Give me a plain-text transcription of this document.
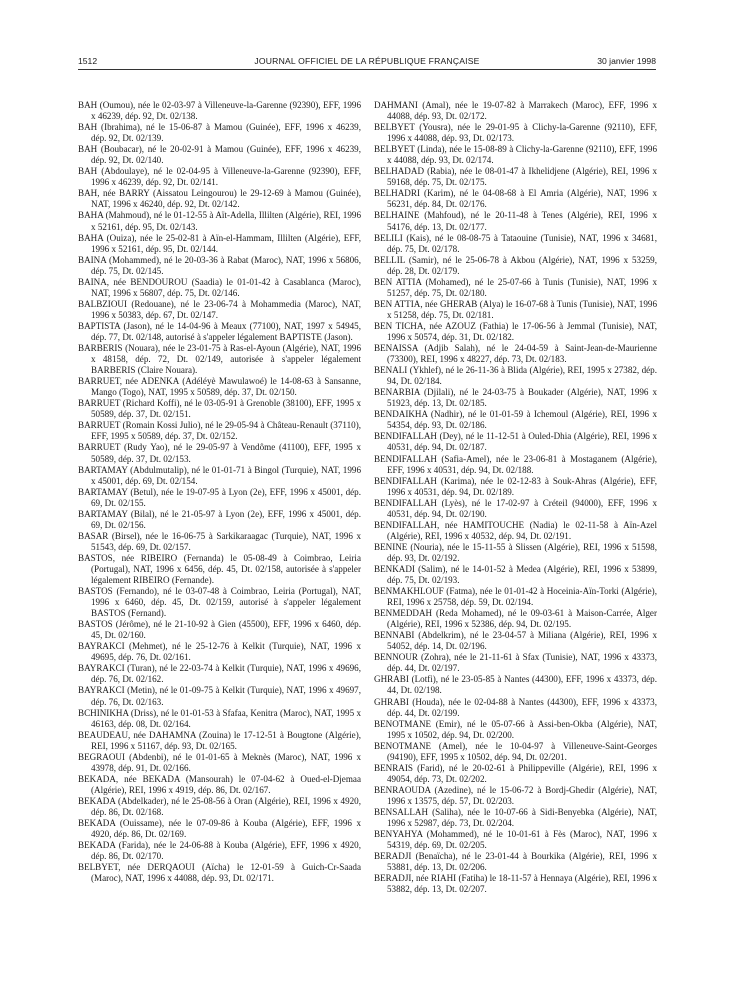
1512	JOURNAL OFFICIEL DE LA RÉPUBLIQUE FRANÇAISE	30 janvier 1998

BAH (Oumou), née le 02-03-97 à Villeneuve-la-Garenne (92390), EFF, 1996 x 46239, dép. 92, Dt. 02/138.

BAH (Ibrahima), né le 15-06-87 à Mamou (Guinée), EFF, 1996 x 46239, dép. 92, Dt. 02/139.

BAH (Boubacar), né le 20-02-91 à Mamou (Guinée), EFF, 1996 x 46239, dép. 92, Dt. 02/140.

BAH (Abdoulaye), né le 02-04-95 à Villeneuve-la-Garenne (92390), EFF, 1996 x 46239, dép. 92, Dt. 02/141.

BAH, née BARRY (Aissatou Leingourou) le 29-12-69 à Mamou (Guinée), NAT, 1996 x 46240, dép. 92, Dt. 02/142.

BAHA (Mahmoud), né le 01-12-55 à Aït-Adella, Illilten (Algérie), REI, 1996 x 52161, dép. 95, Dt. 02/143.

BAHA (Ouiza), née le 25-02-81 à Aïn-el-Hammam, Illilten (Algérie), EFF, 1996 x 52161, dép. 95, Dt. 02/144.

BAINA (Mohammed), né le 20-03-36 à Rabat (Maroc), NAT, 1996 x 56806, dép. 75, Dt. 02/145.

BAINA, née BENDOUROU (Saadia) le 01-01-42 à Casablanca (Maroc), NAT, 1996 x 56807, dép. 75, Dt. 02/146.

BALBZIOUI (Redouane), né le 23-06-74 à Mohammedia (Maroc), NAT, 1996 x 50383, dép. 67, Dt. 02/147.

BAPTISTA (Jason), né le 14-04-96 à Meaux (77100), NAT, 1997 x 54945, dép. 77, Dt. 02/148, autorisé à s'appeler légalement BAPTISTE (Jason).

BARBERIS (Nouara), née le 23-01-75 à Ras-el-Ayoun (Algérie), NAT, 1996 x 48158, dép. 72, Dt. 02/149, autorisée à s'appeler légalement BARBERIS (Claire Nouara).

BARRUET, née ADENKA (Adéléyè Mawulawoé) le 14-08-63 à Sansanne, Mango (Togo), NAT, 1995 x 50589, dép. 37, Dt. 02/150.

BARRUET (Richard Koffi), né le 03-05-91 à Grenoble (38100), EFF, 1995 x 50589, dép. 37, Dt. 02/151.

BARRUET (Romain Kossi Julio), né le 29-05-94 à Château-Renault (37110), EFF, 1995 x 50589, dép. 37, Dt. 02/152.

BARRUET (Rudy Yao), né le 29-05-97 à Vendôme (41100), EFF, 1995 x 50589, dép. 37, Dt. 02/153.

BARTAMAY (Abdulmutalip), né le 01-01-71 à Bingol (Turquie), NAT, 1996 x 45001, dép. 69, Dt. 02/154.

BARTAMAY (Betul), née le 19-07-95 à Lyon (2e), EFF, 1996 x 45001, dép. 69, Dt. 02/155.

BARTAMAY (Bilal), né le 21-05-97 à Lyon (2e), EFF, 1996 x 45001, dép. 69, Dt. 02/156.

BASAR (Birsel), née le 16-06-75 à Sarkikaraagac (Turquie), NAT, 1996 x 51543, dép. 69, Dt. 02/157.

BASTOS, née RIBEIRO (Fernanda) le 05-08-49 à Coimbrao, Leiria (Portugal), NAT, 1996 x 6456, dép. 45, Dt. 02/158, autorisée à s'appeler légalement RIBEIRO (Fernande).

BASTOS (Fernando), né le 03-07-48 à Coimbrao, Leiria (Portugal), NAT, 1996 x 6460, dép. 45, Dt. 02/159, autorisé à s'appeler légalement BASTOS (Fernand).

BASTOS (Jérôme), né le 21-10-92 à Gien (45500), EFF, 1996 x 6460, dép. 45, Dt. 02/160.

BAYRAKCI (Mehmet), né le 25-12-76 à Kelkit (Turquie), NAT, 1996 x 49695, dép. 76, Dt. 02/161.

BAYRAKCI (Turan), né le 22-03-74 à Kelkit (Turquie), NAT, 1996 x 49696, dép. 76, Dt. 02/162.

BAYRAKCI (Metin), né le 01-09-75 à Kelkit (Turquie), NAT, 1996 x 49697, dép. 76, Dt. 02/163.

BCHINIKHA (Driss), né le 01-01-53 à Sfafaa, Kenitra (Maroc), NAT, 1995 x 46163, dép. 08, Dt. 02/164.

BEAUDEAU, née DAHAMNA (Zouina) le 17-12-51 à Bougtone (Algérie), REI, 1996 x 51167, dép. 93, Dt. 02/165.

BEGRAOUI (Abdenbi), né le 01-01-65 à Meknès (Maroc), NAT, 1996 x 43978, dép. 91, Dt. 02/166.

BEKADA, née BEKADA (Mansourah) le 07-04-62 à Oued-el-Djemaa (Algérie), REI, 1996 x 4919, dép. 86, Dt. 02/167.

BEKADA (Abdelkader), né le 25-08-56 à Oran (Algérie), REI, 1996 x 4920, dép. 86, Dt. 02/168.

BEKADA (Ouissame), née le 07-09-86 à Kouba (Algérie), EFF, 1996 x 4920, dép. 86, Dt. 02/169.

BEKADA (Farida), née le 24-06-88 à Kouba (Algérie), EFF, 1996 x 4920, dép. 86, Dt. 02/170.

BELBYET, née DERQAOUI (Aïcha) le 12-01-59 à Guich-Cr-Saada (Maroc), NAT, 1996 x 44088, dép. 93, Dt. 02/171.

DAHMANI (Amal), née le 19-07-82 à Marrakech (Maroc), EFF, 1996 x 44088, dép. 93, Dt. 02/172.

BELBYET (Yousra), née le 29-01-95 à Clichy-la-Garenne (92110), EFF, 1996 x 44088, dép. 93, Dt. 02/173.

BELBYET (Linda), née le 15-08-89 à Clichy-la-Garenne (92110), EFF, 1996 x 44088, dép. 93, Dt. 02/174.

BELHADAD (Rabia), née le 08-01-47 à Ikhelidjene (Algérie), REI, 1996 x 59168, dép. 75, Dt. 02/175.

BELHADRI (Karim), né le 04-08-68 à El Amria (Algérie), NAT, 1996 x 56231, dép. 84, Dt. 02/176.

BELHAINE (Mahfoud), né le 20-11-48 à Tenes (Algérie), REI, 1996 x 54176, dép. 13, Dt. 02/177.

BELILI (Kais), né le 08-08-75 à Tataouine (Tunisie), NAT, 1996 x 34681, dép. 75, Dt. 02/178.

BELLIL (Samir), né le 25-06-78 à Akbou (Algérie), NAT, 1996 x 53259, dép. 28, Dt. 02/179.

BEN ATTIA (Mohamed), né le 25-07-66 à Tunis (Tunisie), NAT, 1996 x 51257, dép. 75, Dt. 02/180.

BEN ATTIA, née GHERAB (Alya) le 16-07-68 à Tunis (Tunisie), NAT, 1996 x 51258, dép. 75, Dt. 02/181.

BEN TICHA, née AZOUZ (Fathia) le 17-06-56 à Jemmal (Tunisie), NAT, 1996 x 50574, dép. 31, Dt. 02/182.

BENAISSA (Adjib Salah), né le 24-04-59 à Saint-Jean-de-Maurienne (73300), REI, 1996 x 48227, dép. 73, Dt. 02/183.

BENALI (Ykhlef), né le 26-11-36 à Blida (Algérie), REI, 1995 x 27382, dép. 94, Dt. 02/184.

BENARBIA (Djilali), né le 24-03-75 à Boukader (Algérie), NAT, 1996 x 51923, dép. 13, Dt. 02/185.

BENDAIKHA (Nadhir), né le 01-01-59 à Ichemoul (Algérie), REI, 1996 x 54354, dép. 93, Dt. 02/186.

BENDIFALLAH (Dey), né le 11-12-51 à Ouled-Dhia (Algérie), REI, 1996 x 40531, dép. 94, Dt. 02/187.

BENDIFALLAH (Safia-Amel), née le 23-06-81 à Mostaganem (Algérie), EFF, 1996 x 40531, dép. 94, Dt. 02/188.

BENDIFALLAH (Karima), née le 02-12-83 à Souk-Ahras (Algérie), EFF, 1996 x 40531, dép. 94, Dt. 02/189.

BENDIFALLAH (Lyès), né le 17-02-97 à Créteil (94000), EFF, 1996 x 40531, dép. 94, Dt. 02/190.

BENDIFALLAH, née HAMITOUCHE (Nadia) le 02-11-58 à Aïn-Azel (Algérie), REI, 1996 x 40532, dép. 94, Dt. 02/191.

BENINE (Nouria), née le 15-11-55 à Slissen (Algérie), REI, 1996 x 51598, dép. 93, Dt. 02/192.

BENKADI (Salim), né le 14-01-52 à Medea (Algérie), REI, 1996 x 53899, dép. 75, Dt. 02/193.

BENMAKHLOUF (Fatma), née le 01-01-42 à Hoceinia-Aïn-Torki (Algérie), REI, 1996 x 25758, dép. 59, Dt. 02/194.

BENMEDDAH (Reda Mohamed), né le 09-03-61 à Maison-Carrée, Alger (Algérie), REI, 1996 x 52386, dép. 94, Dt. 02/195.

BENNABI (Abdelkrim), né le 23-04-57 à Miliana (Algérie), REI, 1996 x 54052, dép. 14, Dt. 02/196.

BENNOUR (Zohra), née le 21-11-61 à Sfax (Tunisie), NAT, 1996 x 43373, dép. 44, Dt. 02/197.

GHRABI (Lotfi), né le 23-05-85 à Nantes (44300), EFF, 1996 x 43373, dép. 44, Dt. 02/198.

GHRABI (Houda), née le 02-04-88 à Nantes (44300), EFF, 1996 x 43373, dép. 44, Dt. 02/199.

BENOTMANE (Emir), né le 05-07-66 à Assi-ben-Okba (Algérie), NAT, 1995 x 10502, dép. 94, Dt. 02/200.

BENOTMANE (Amel), née le 10-04-97 à Villeneuve-Saint-Georges (94190), EFF, 1995 x 10502, dép. 94, Dt. 02/201.

BENRAIS (Farid), né le 20-02-61 à Philippeville (Algérie), REI, 1996 x 49054, dép. 73, Dt. 02/202.

BENRAOUDA (Azedine), né le 15-06-72 à Bordj-Ghedir (Algérie), NAT, 1996 x 13575, dép. 57, Dt. 02/203.

BENSALLAH (Saliha), née le 10-07-66 à Sidi-Benyebka (Algérie), NAT, 1996 x 52987, dép. 73, Dt. 02/204.

BENYAHYA (Mohammed), né le 10-01-61 à Fès (Maroc), NAT, 1996 x 54319, dép. 69, Dt. 02/205.

BERADJI (Benaïcha), né le 23-01-44 à Bourkika (Algérie), REI, 1996 x 53881, dép. 13, Dt. 02/206.

BERADJI, née RIAHI (Fatiha) le 18-11-57 à Hennaya (Algérie), REI, 1996 x 53882, dép. 13, Dt. 02/207.
